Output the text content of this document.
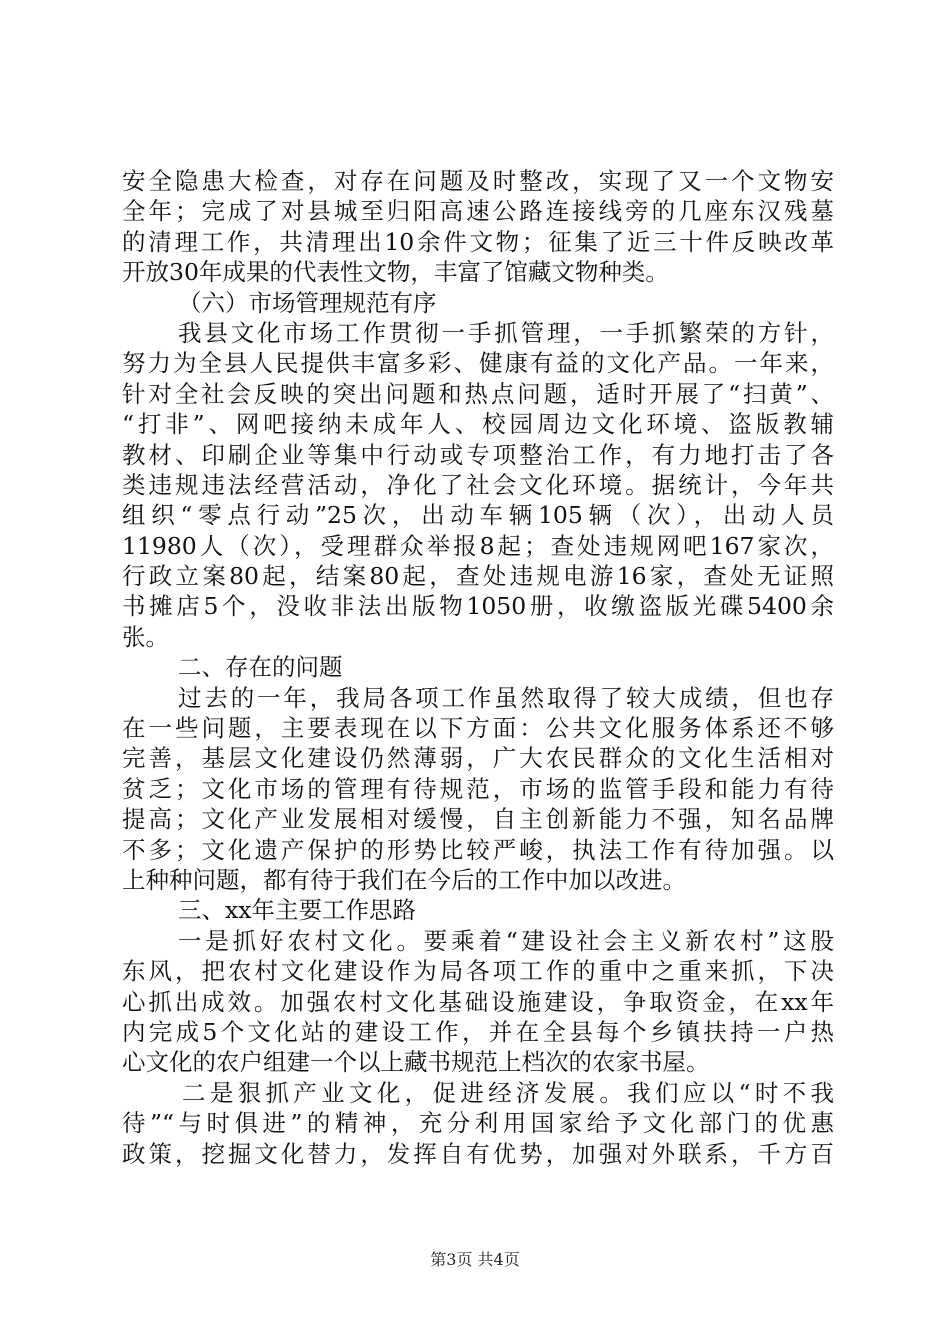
安全隐患大检查，对存在问题及时整改，实现了又一个文物安
全年；完成了对县城至归阳高速公路连接线旁的几座东汉残墓
的清理工作，共清理出10余件文物；征集了近三十件反映改革
开放30年成果的代表性文物，丰富了馆藏文物种类。
（六）市场管理规范有序
我县文化市场工作贯彻一手抓管理，一手抓繁荣的方针，
努力为全县人民提供丰富多彩、健康有益的文化产品。一年来，
针对全社会反映的突出问题和热点问题，适时开展了“扫黄”、
“打非”、网吧接纳未成年人、校园周边文化环境、盗版教辅
教材、印刷企业等集中行动或专项整治工作，有力地打击了各
类违规违法经营活动，净化了社会文化环境。据统计，今年共
组织“零点行动”25次，出动车辆105辆（次），出动人员
11980人（次），受理群众举报8起；查处违规网吧167家次，
行政立案80起，结案80起，查处违规电游16家，查处无证照
书摊店5个，没收非法出版物1050册，收缴盗版光碟5400余
张。
二、存在的问题
过去的一年，我局各项工作虽然取得了较大成绩，但也存
在一些问题，主要表现在以下方面：公共文化服务体系还不够
完善，基层文化建设仍然薄弱，广大农民群众的文化生活相对
贫乏；文化市场的管理有待规范，市场的监管手段和能力有待
提高；文化产业发展相对缓慢，自主创新能力不强，知名品牌
不多；文化遗产保护的形势比较严峻，执法工作有待加强。以
上种种问题，都有待于我们在今后的工作中加以改进。
三、xx年主要工作思路
一是抓好农村文化。要乘着“建设社会主义新农村”这股
东风，把农村文化建设作为局各项工作的重中之重来抓，下决
心抓出成效。加强农村文化基础设施建设，争取资金，在xx年
内完成5个文化站的建设工作，并在全县每个乡镇扶持一户热
心文化的农户组建一个以上藏书规范上档次的农家书屋。
二是狠抓产业文化，促进经济发展。我们应以“时不我
待”“与时俱进”的精神，充分利用国家给予文化部门的优惠
政策，挖掘文化替力，发挥自有优势，加强对外联系，千方百
第3页 共4页
